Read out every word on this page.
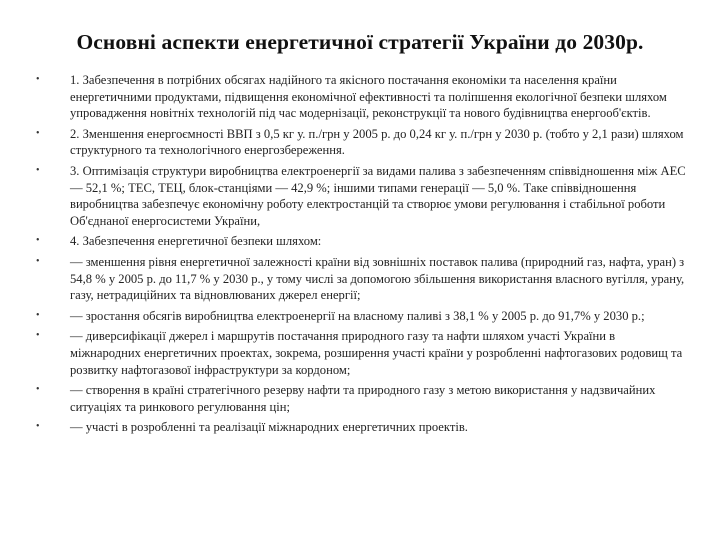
Основні аспекти енергетичної стратегії України до 2030р.
•	1. Забезпечення в потрібних обсягах надійного та якісного постачання економіки та населення країни енергетичними продуктами, підвищення економічної ефективності та поліпшення екологічної безпеки шляхом упровадження новітніх технологій під час модернізації, реконструкції та нового будівництва енергооб'єктів.
•	2. Зменшення енергоємності ВВП з 0,5 кг у. п./грн у 2005 р. до 0,24 кг у. п./грн у 2030 р. (тобто у 2,1 рази) шляхом структурного та технологічного енергозбереження.
•	3. Оптимізація структури виробництва електроенергії за видами палива з забезпеченням співвідношення між АЕС — 52,1 %; ТЕС, ТЕЦ, блок-станціями — 42,9 %; іншими типами генерації — 5,0 %. Таке співвідношення виробництва забезпечує економічну роботу електростанцій та створює умови регулювання і стабільної роботи Об'єднаної енергосистеми України,
•	4. Забезпечення енергетичної безпеки шляхом:
•	— зменшення рівня енергетичної залежності країни від зовнішніх поставок палива (природний газ, нафта, уран) з 54,8 % у 2005 р. до 11,7 % у 2030 р., у тому числі за допомогою збільшення використання власного вугілля, урану, газу, нетрадиційних та відновлюваних джерел енергії;
•	— зростання обсягів виробництва електроенергії на власному паливі з 38,1 % у 2005 р. до 91,7% у 2030 р.;
•	— диверсифікації джерел і маршрутів постачання природного газу та нафти шляхом участі України в міжнародних енергетичних проектах, зокрема, розширення участі країни у розробленні нафтогазових родовищ та розвитку нафтогазової інфраструктури за кордоном;
•	— створення в країні стратегічного резерву нафти та природного газу з метою використання у надзвичайних ситуаціях та ринкового регулювання цін;
•	— участі в розробленні та реалізації міжнародних енергетичних проектів.
